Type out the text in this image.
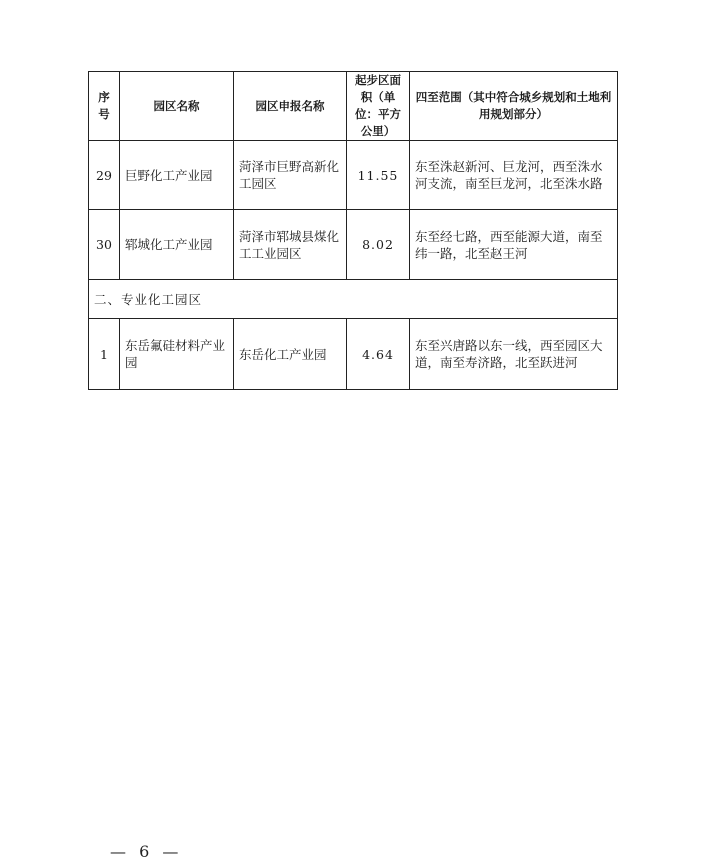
序号	园区名称	园区申报名称	起步区面积（单位：平方公里）	四至范围（其中符合城乡规划和土地利用规划部分）
29	巨野化工产业园	菏泽市巨野高新化工园区	11.55	东至洙赵新河、巨龙河，西至洙水河支流，南至巨龙河，北至洙水路
30	郓城化工产业园	菏泽市郓城县煤化工工业园区	8.02	东至经七路，西至能源大道，南至纬一路，北至赵王河
二、专业化工园区				
1	东岳氟硅材料产业园	东岳化工产业园	4.64	东至兴唐路以东一线，西至园区大道，南至寿济路，北至跃进河
— 6 —
